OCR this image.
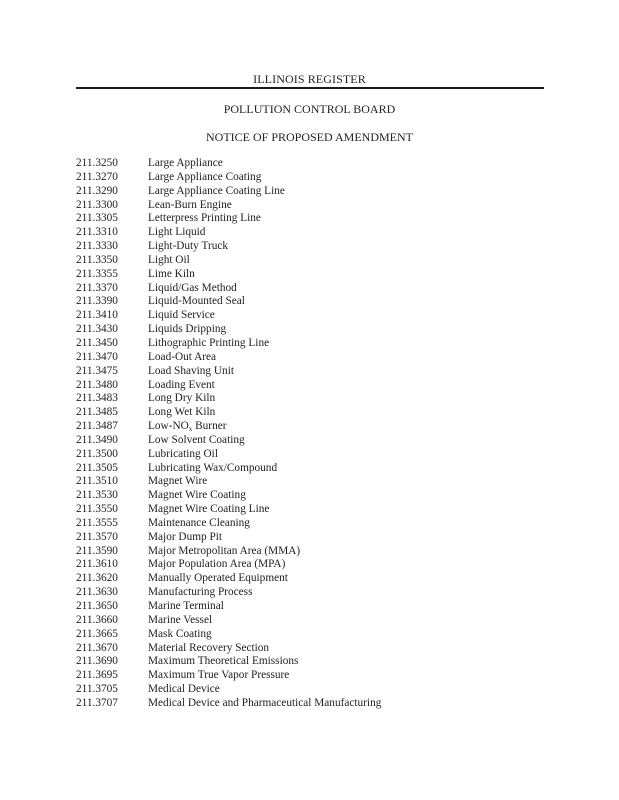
ILLINOIS REGISTER
POLLUTION CONTROL BOARD
NOTICE OF PROPOSED AMENDMENT
211.3250	Large Appliance
211.3270	Large Appliance Coating
211.3290	Large Appliance Coating Line
211.3300	Lean-Burn Engine
211.3305	Letterpress Printing Line
211.3310	Light Liquid
211.3330	Light-Duty Truck
211.3350	Light Oil
211.3355	Lime Kiln
211.3370	Liquid/Gas Method
211.3390	Liquid-Mounted Seal
211.3410	Liquid Service
211.3430	Liquids Dripping
211.3450	Lithographic Printing Line
211.3470	Load-Out Area
211.3475	Load Shaving Unit
211.3480	Loading Event
211.3483	Long Dry Kiln
211.3485	Long Wet Kiln
211.3487	Low-$NO_x$ Burner
211.3490	Low Solvent Coating
211.3500	Lubricating Oil
211.3505	Lubricating Wax/Compound
211.3510	Magnet Wire
211.3530	Magnet Wire Coating
211.3550	Magnet Wire Coating Line
211.3555	Maintenance Cleaning
211.3570	Major Dump Pit
211.3590	Major Metropolitan Area (MMA)
211.3610	Major Population Area (MPA)
211.3620	Manually Operated Equipment
211.3630	Manufacturing Process
211.3650	Marine Terminal
211.3660	Marine Vessel
211.3665	Mask Coating
211.3670	Material Recovery Section
211.3690	Maximum Theoretical Emissions
211.3695	Maximum True Vapor Pressure
211.3705	Medical Device
211.3707	Medical Device and Pharmaceutical Manufacturing
